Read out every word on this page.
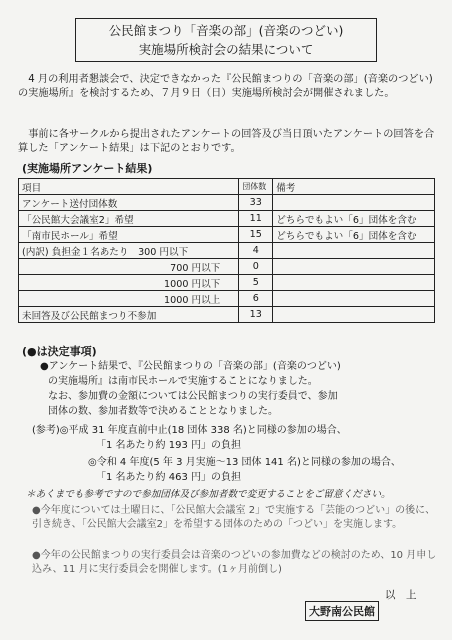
公民館まつり「音楽の部」(音楽のつどい)
実施場所検討会の結果について
4 月の利用者懇談会で、決定できなかった『公民館まつりの「音楽の部」(音楽のつどい)の実施場所』を検討するため、７月９日（日）実施場所検討会が開催されました。
事前に各サークルから提出されたアンケートの回答及び当日頂いたアンケートの回答を合算した「アンケート結果」は下記のとおりです。
(実施場所アンケート結果)
項目	団体数	備考
アンケート送付団体数	33	
「公民館大会議室2」希望	11	どちらでもよい「6」団体を含む
「南市民ホール」希望	15	どちらでもよい「6」団体を含む
(内訳) 負担金１名あたり　300 円以下	4	
700 円以下	0	
1000 円以下	5	
1000 円以上	6	
未回答及び公民館まつり不参加	13	
(●は決定事項)
●アンケート結果で、『公民館まつりの「音楽の部」(音楽のつどい)
の実施場所』は南市民ホールで実施することになりました。
なお、参加費の金額については公民館まつりの実行委員で、参加
団体の数、参加者数等で決めることとなりました。
(参考)◎平成 31 年度直前中止(18 団体 338 名)と同様の参加の場合、
「1 名あたり約 193 円」の負担
◎令和 4 年度(5 年 3 月実施～13 団体 141 名)と同様の参加の場合、
「1 名あたり約 463 円」の負担
＊あくまでも参考ですので参加団体及び参加者数で変更することをご留意ください。
●今年度については土曜日に、「公民館大会議室 2」で実施する「芸能のつどい」の後に、引き続き、「公民館大会議室2」を希望する団体のための「つどい」を実施します。
●今年の公民館まつりの実行委員会は音楽のつどいの参加費などの検討のため、10 月申し込み、11 月に実行委員会を開催します。(1ヶ月前倒し)
以　上
大野南公民館
